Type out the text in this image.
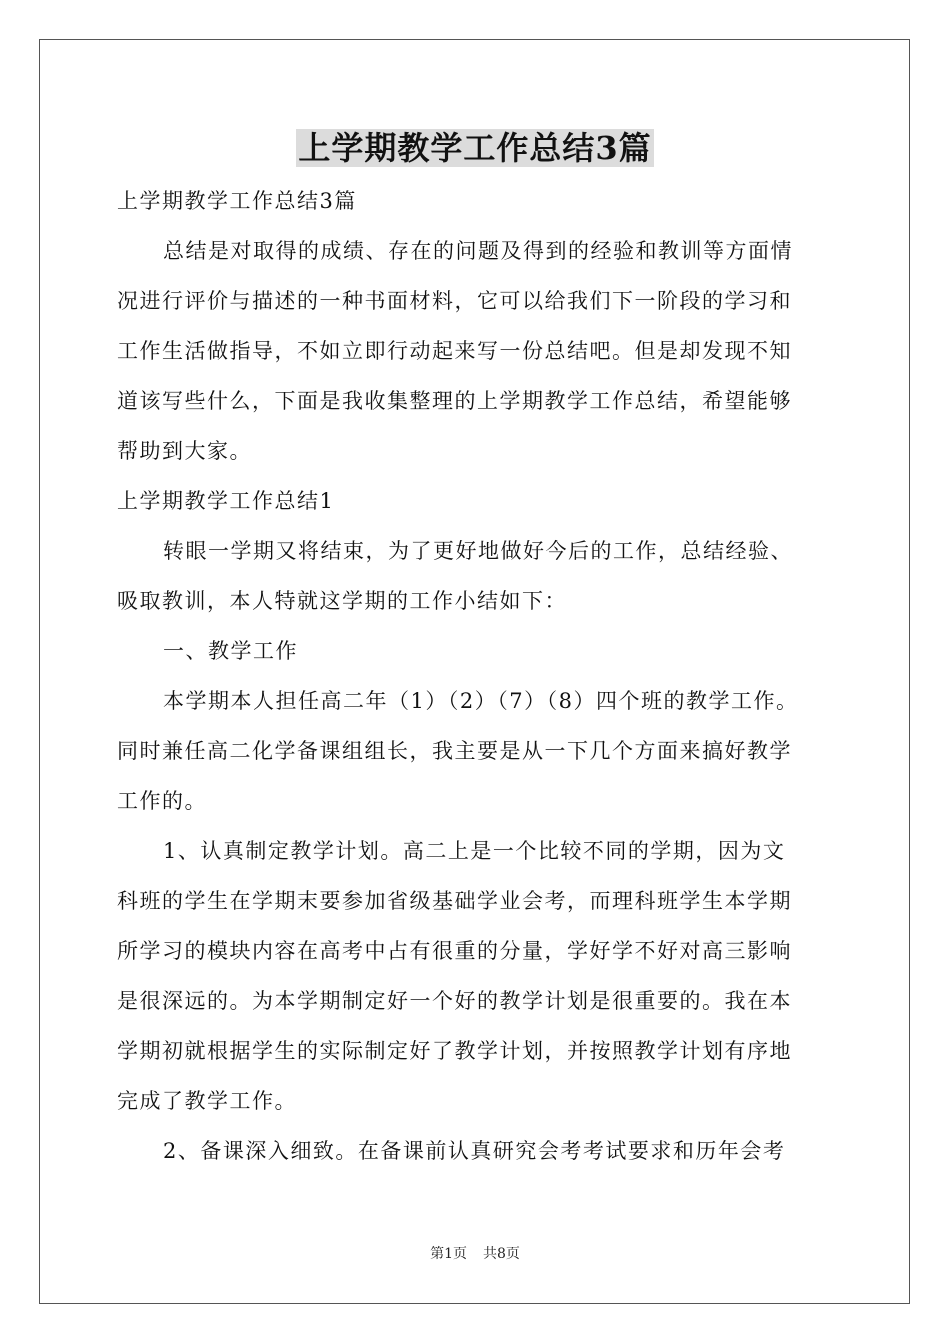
上学期教学工作总结3篇
上学期教学工作总结3篇
总结是对取得的成绩、存在的问题及得到的经验和教训等方面情
况进行评价与描述的一种书面材料，它可以给我们下一阶段的学习和
工作生活做指导，不如立即行动起来写一份总结吧。但是却发现不知
道该写些什么，下面是我收集整理的上学期教学工作总结，希望能够
帮助到大家。
上学期教学工作总结1
转眼一学期又将结束，为了更好地做好今后的工作，总结经验、
吸取教训，本人特就这学期的工作小结如下：
一、教学工作
本学期本人担任高二年（1）（2）（7）（8）四个班的教学工作。
同时兼任高二化学备课组组长，我主要是从一下几个方面来搞好教学
工作的。
1、认真制定教学计划。高二上是一个比较不同的学期，因为文
科班的学生在学期末要参加省级基础学业会考，而理科班学生本学期
所学习的模块内容在高考中占有很重的分量，学好学不好对高三影响
是很深远的。为本学期制定好一个好的教学计划是很重要的。我在本
学期初就根据学生的实际制定好了教学计划，并按照教学计划有序地
完成了教学工作。
2、备课深入细致。在备课前认真研究会考考试要求和历年会考
第1页 共8页
